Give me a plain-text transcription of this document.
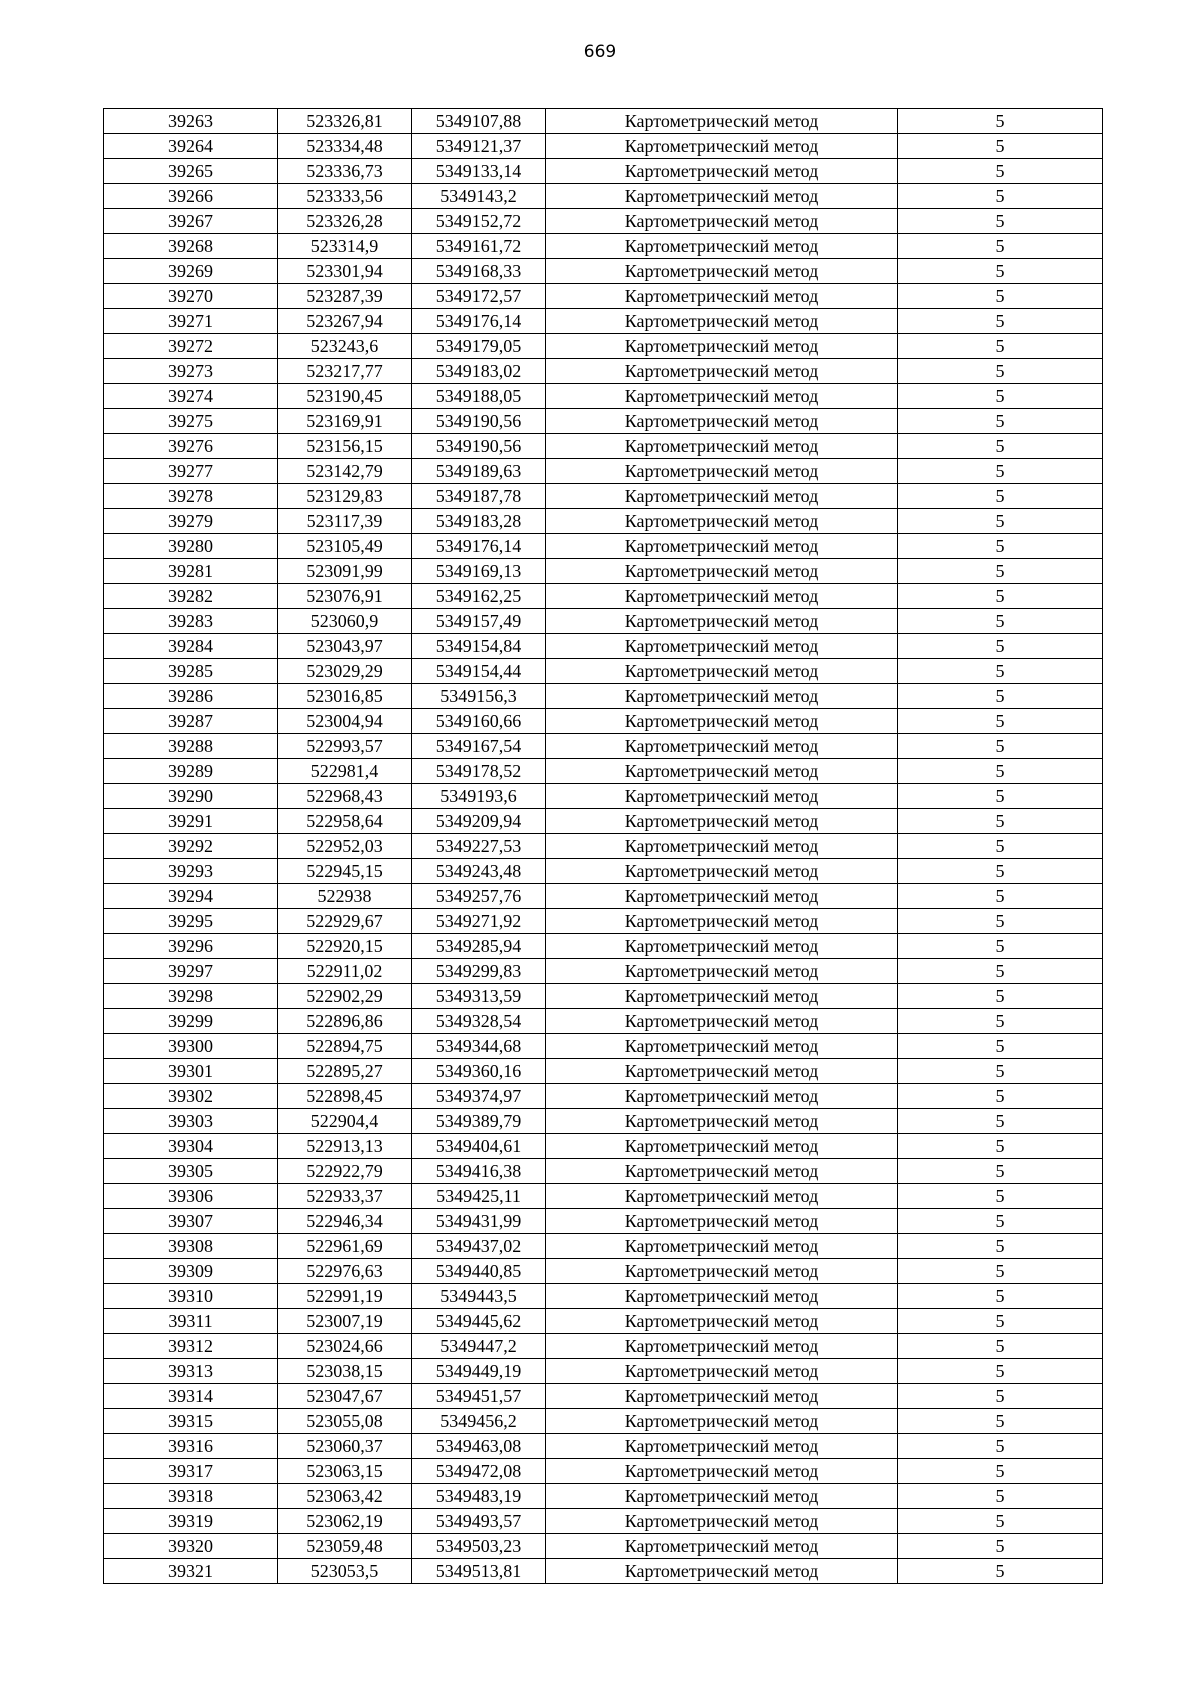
669
39263	523326,81	5349107,88	Картометрический метод	5
39264	523334,48	5349121,37	Картометрический метод	5
39265	523336,73	5349133,14	Картометрический метод	5
39266	523333,56	5349143,2	Картометрический метод	5
39267	523326,28	5349152,72	Картометрический метод	5
39268	523314,9	5349161,72	Картометрический метод	5
39269	523301,94	5349168,33	Картометрический метод	5
39270	523287,39	5349172,57	Картометрический метод	5
39271	523267,94	5349176,14	Картометрический метод	5
39272	523243,6	5349179,05	Картометрический метод	5
39273	523217,77	5349183,02	Картометрический метод	5
39274	523190,45	5349188,05	Картометрический метод	5
39275	523169,91	5349190,56	Картометрический метод	5
39276	523156,15	5349190,56	Картометрический метод	5
39277	523142,79	5349189,63	Картометрический метод	5
39278	523129,83	5349187,78	Картометрический метод	5
39279	523117,39	5349183,28	Картометрический метод	5
39280	523105,49	5349176,14	Картометрический метод	5
39281	523091,99	5349169,13	Картометрический метод	5
39282	523076,91	5349162,25	Картометрический метод	5
39283	523060,9	5349157,49	Картометрический метод	5
39284	523043,97	5349154,84	Картометрический метод	5
39285	523029,29	5349154,44	Картометрический метод	5
39286	523016,85	5349156,3	Картометрический метод	5
39287	523004,94	5349160,66	Картометрический метод	5
39288	522993,57	5349167,54	Картометрический метод	5
39289	522981,4	5349178,52	Картометрический метод	5
39290	522968,43	5349193,6	Картометрический метод	5
39291	522958,64	5349209,94	Картометрический метод	5
39292	522952,03	5349227,53	Картометрический метод	5
39293	522945,15	5349243,48	Картометрический метод	5
39294	522938	5349257,76	Картометрический метод	5
39295	522929,67	5349271,92	Картометрический метод	5
39296	522920,15	5349285,94	Картометрический метод	5
39297	522911,02	5349299,83	Картометрический метод	5
39298	522902,29	5349313,59	Картометрический метод	5
39299	522896,86	5349328,54	Картометрический метод	5
39300	522894,75	5349344,68	Картометрический метод	5
39301	522895,27	5349360,16	Картометрический метод	5
39302	522898,45	5349374,97	Картометрический метод	5
39303	522904,4	5349389,79	Картометрический метод	5
39304	522913,13	5349404,61	Картометрический метод	5
39305	522922,79	5349416,38	Картометрический метод	5
39306	522933,37	5349425,11	Картометрический метод	5
39307	522946,34	5349431,99	Картометрический метод	5
39308	522961,69	5349437,02	Картометрический метод	5
39309	522976,63	5349440,85	Картометрический метод	5
39310	522991,19	5349443,5	Картометрический метод	5
39311	523007,19	5349445,62	Картометрический метод	5
39312	523024,66	5349447,2	Картометрический метод	5
39313	523038,15	5349449,19	Картометрический метод	5
39314	523047,67	5349451,57	Картометрический метод	5
39315	523055,08	5349456,2	Картометрический метод	5
39316	523060,37	5349463,08	Картометрический метод	5
39317	523063,15	5349472,08	Картометрический метод	5
39318	523063,42	5349483,19	Картометрический метод	5
39319	523062,19	5349493,57	Картометрический метод	5
39320	523059,48	5349503,23	Картометрический метод	5
39321	523053,5	5349513,81	Картометрический метод	5
